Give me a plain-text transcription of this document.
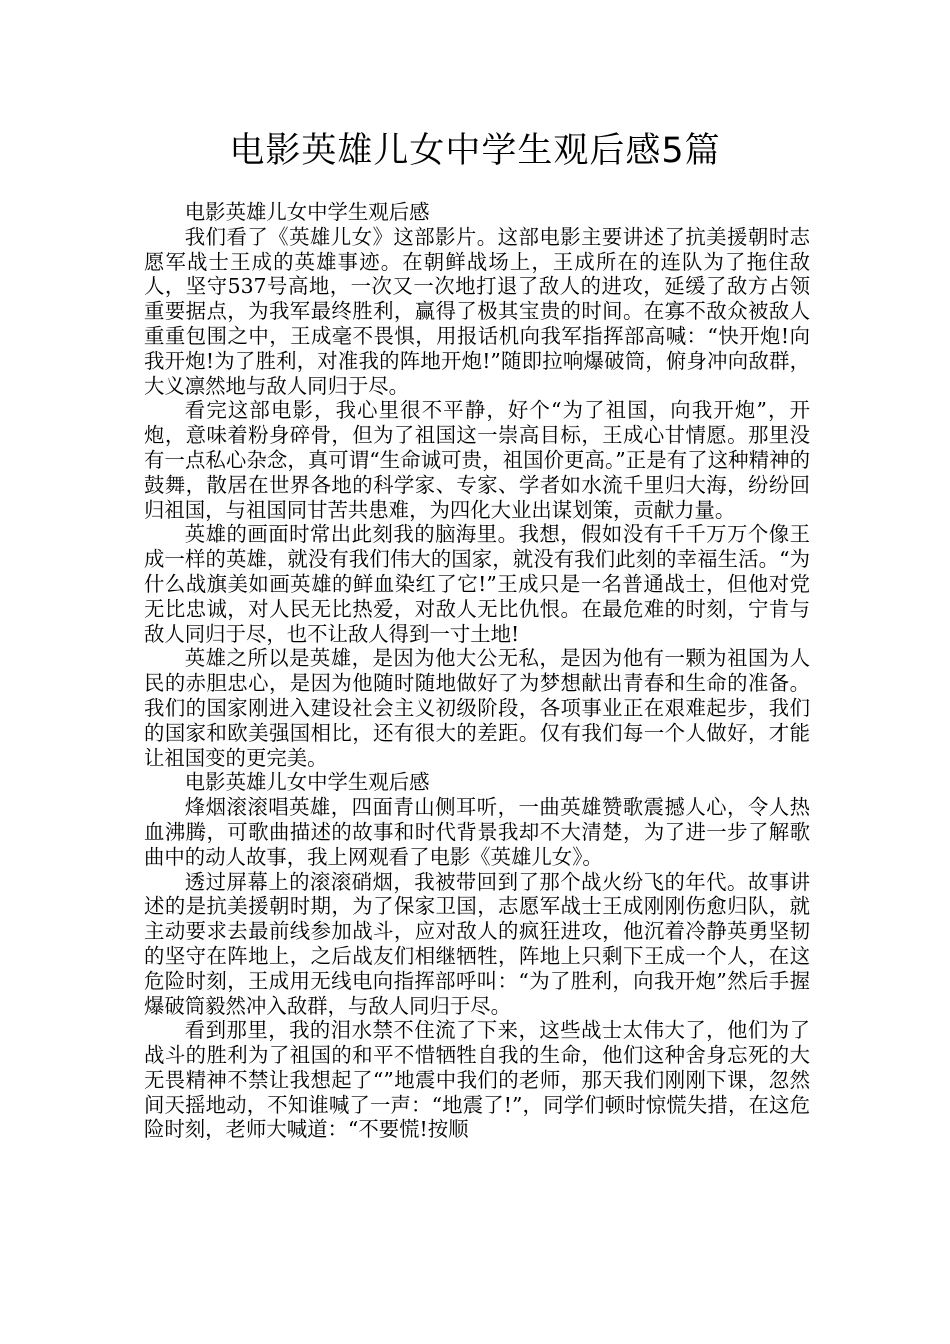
电影英雄儿女中学生观后感5篇

电影英雄儿女中学生观后感

我们看了《英雄儿女》这部影片。这部电影主要讲述了抗美援朝时志愿军战士王成的英雄事迹。在朝鲜战场上，王成所在的连队为了拖住敌人，坚守537号高地，一次又一次地打退了敌人的进攻，延缓了敌方占领重要据点，为我军最终胜利，赢得了极其宝贵的时间。在寡不敌众被敌人重重包围之中，王成毫不畏惧，用报话机向我军指挥部高喊：“快开炮!向我开炮!为了胜利，对准我的阵地开炮!”随即拉响爆破筒，俯身冲向敌群，大义凛然地与敌人同归于尽。

看完这部电影，我心里很不平静，好个“为了祖国，向我开炮”，开炮，意味着粉身碎骨，但为了祖国这一崇高目标，王成心甘情愿。那里没有一点私心杂念，真可谓“生命诚可贵，祖国价更高。”正是有了这种精神的鼓舞，散居在世界各地的科学家、专家、学者如水流千里归大海，纷纷回归祖国，与祖国同甘苦共患难，为四化大业出谋划策，贡献力量。

英雄的画面时常出此刻我的脑海里。我想，假如没有千千万万个像王成一样的英雄，就没有我们伟大的国家，就没有我们此刻的幸福生活。“为什么战旗美如画英雄的鲜血染红了它!”王成只是一名普通战士，但他对党无比忠诚，对人民无比热爱，对敌人无比仇恨。在最危难的时刻，宁肯与敌人同归于尽，也不让敌人得到一寸土地!

英雄之所以是英雄，是因为他大公无私，是因为他有一颗为祖国为人民的赤胆忠心，是因为他随时随地做好了为梦想献出青春和生命的准备。我们的国家刚进入建设社会主义初级阶段，各项事业正在艰难起步，我们的国家和欧美强国相比，还有很大的差距。仅有我们每一个人做好，才能让祖国变的更完美。

电影英雄儿女中学生观后感

烽烟滚滚唱英雄，四面青山侧耳听，一曲英雄赞歌震撼人心，令人热血沸腾，可歌曲描述的故事和时代背景我却不大清楚，为了进一步了解歌曲中的动人故事，我上网观看了电影《英雄儿女》。

透过屏幕上的滚滚硝烟，我被带回到了那个战火纷飞的年代。故事讲述的是抗美援朝时期，为了保家卫国，志愿军战士王成刚刚伤愈归队，就主动要求去最前线参加战斗，应对敌人的疯狂进攻，他沉着冷静英勇坚韧的坚守在阵地上，之后战友们相继牺牲，阵地上只剩下王成一个人，在这危险时刻，王成用无线电向指挥部呼叫：“为了胜利，向我开炮”然后手握爆破筒毅然冲入敌群，与敌人同归于尽。

看到那里，我的泪水禁不住流了下来，这些战士太伟大了，他们为了战斗的胜利为了祖国的和平不惜牺牲自我的生命，他们这种舍身忘死的大无畏精神不禁让我想起了“”地震中我们的老师，那天我们刚刚下课，忽然间天摇地动，不知谁喊了一声：“地震了!”，同学们顿时惊慌失措，在这危险时刻，老师大喊道：“不要慌!按顺
